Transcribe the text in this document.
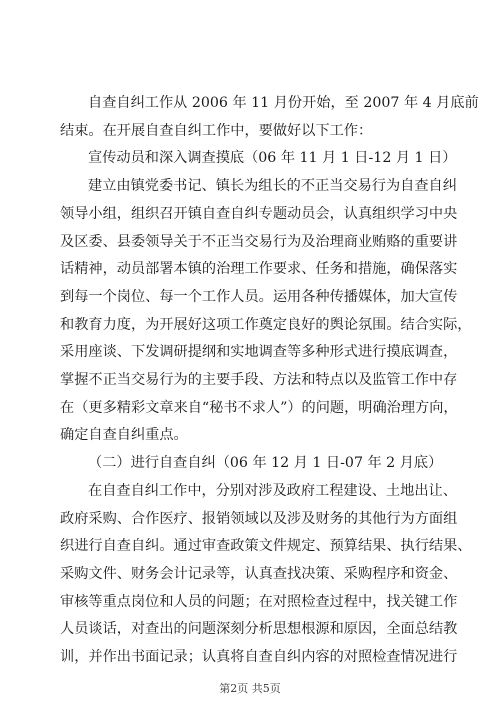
自查自纠工作从 2006 年 11 月份开始，至 2007 年 4 月底前
结束。在开展自查自纠工作中，要做好以下工作：
宣传动员和深入调查摸底（06 年 11 月 1 日-12 月 1 日）
建立由镇党委书记、镇长为组长的不正当交易行为自查自纠
领导小组，组织召开镇自查自纠专题动员会，认真组织学习中央
及区委、县委领导关于不正当交易行为及治理商业贿赂的重要讲
话精神，动员部署本镇的治理工作要求、任务和措施，确保落实
到每一个岗位、每一个工作人员。运用各种传播媒体，加大宣传
和教育力度，为开展好这项工作奠定良好的舆论氛围。结合实际，
采用座谈、下发调研提纲和实地调查等多种形式进行摸底调查，
掌握不正当交易行为的主要手段、方法和特点以及监管工作中存
在（更多精彩文章来自“秘书不求人”）的问题，明确治理方向，
确定自查自纠重点。
（二）进行自查自纠（06 年 12 月 1 日-07 年 2 月底）
在自查自纠工作中，分别对涉及政府工程建设、土地出让、
政府采购、合作医疗、报销领域以及涉及财务的其他行为方面组
织进行自查自纠。通过审查政策文件规定、预算结果、执行结果、
采购文件、财务会计记录等，认真查找决策、采购程序和资金、
审核等重点岗位和人员的问题；在对照检查过程中，找关键工作
人员谈话，对查出的问题深刻分析思想根源和原因，全面总结教
训，并作出书面记录；认真将自查自纠内容的对照检查情况进行
第2页 共5页
